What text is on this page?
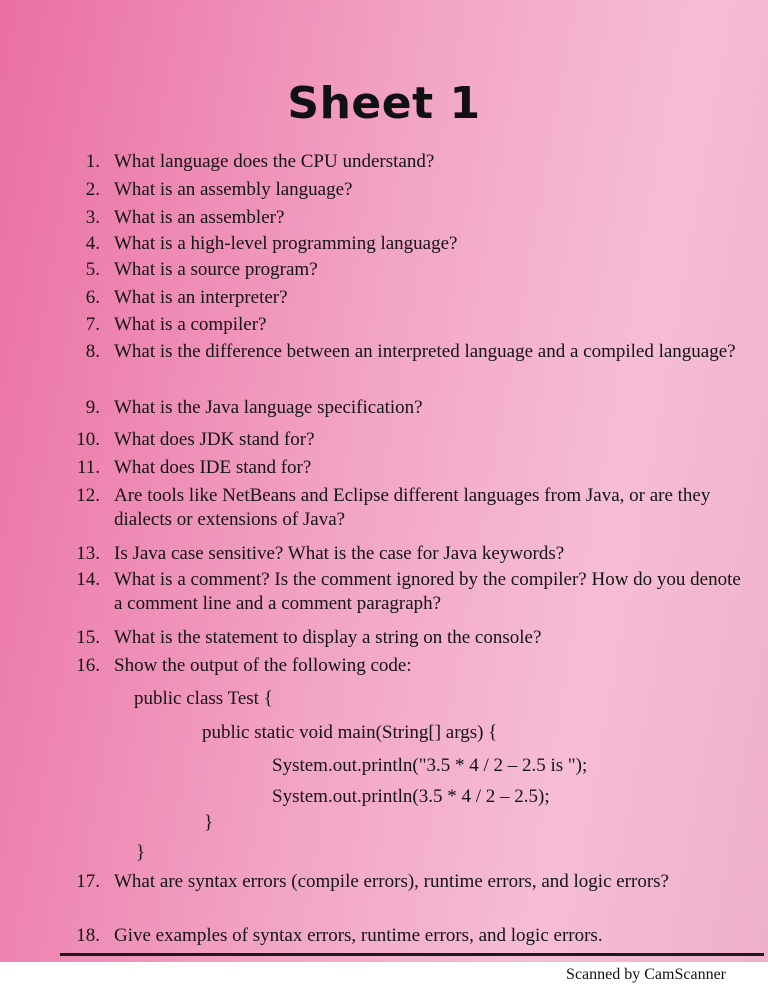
Sheet 1
1. What language does the CPU understand?
2. What is an assembly language?
3. What is an assembler?
4. What is a high-level programming language?
5. What is a source program?
6. What is an interpreter?
7. What is a compiler?
8. What is the difference between an interpreted language and a compiled language?
9. What is the Java language specification?
10. What does JDK stand for?
11. What does IDE stand for?
12. Are tools like NetBeans and Eclipse different languages from Java, or are they dialects or extensions of Java?
13. Is Java case sensitive? What is the case for Java keywords?
14. What is a comment? Is the comment ignored by the compiler? How do you denote a comment line and a comment paragraph?
15. What is the statement to display a string on the console?
16. Show the output of the following code:
public class Test {
public static void main(String[] args) {
System.out.println("3.5 * 4 / 2 – 2.5 is ");
System.out.println(3.5 * 4 / 2 – 2.5);
}
}
17. What are syntax errors (compile errors), runtime errors, and logic errors?
18. Give examples of syntax errors, runtime errors, and logic errors.
Scanned by CamScanner
